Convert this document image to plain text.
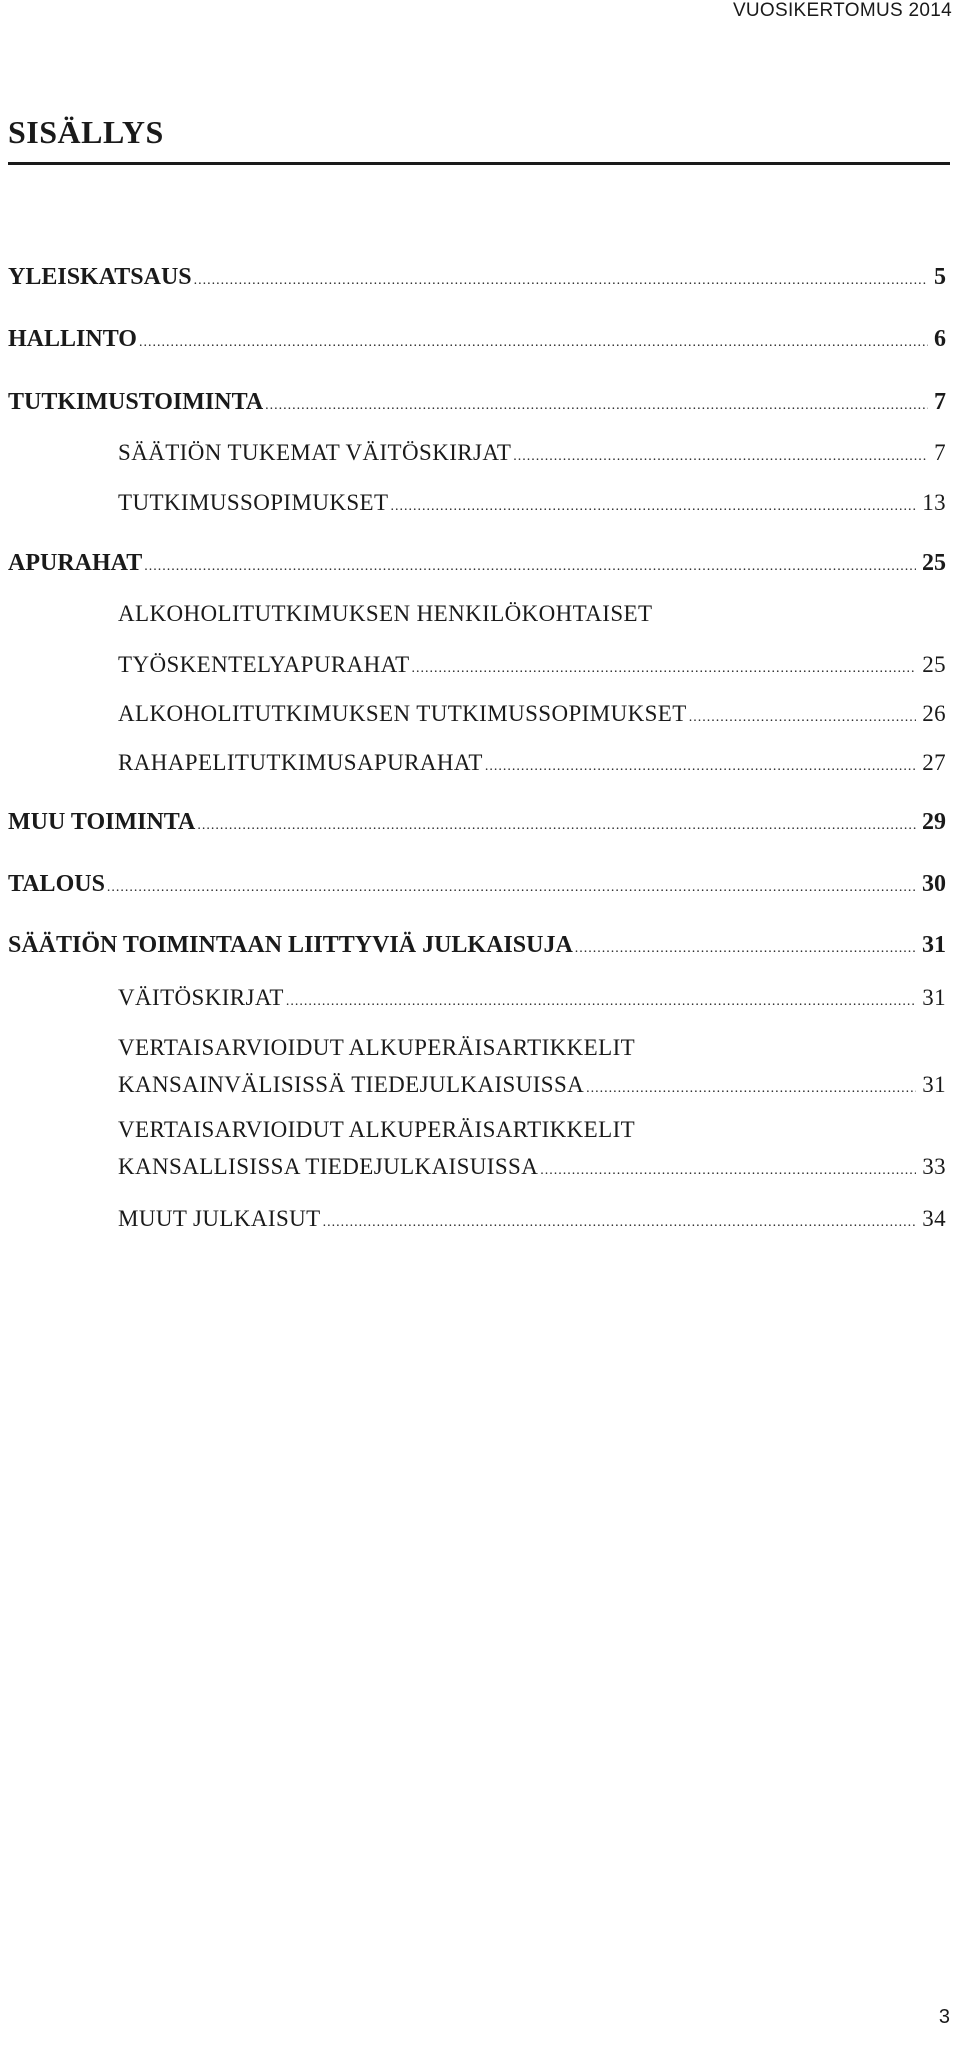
VUOSIKERTOMUS 2014
SISÄLLYS
YLEISKATSAUS .....	5
HALLINTO .....	6
TUTKIMUSTOIMINTA .....	7
SÄÄTIÖN TUKEMAT VÄITÖSKIRJAT .....	7
TUTKIMUSSOPIMUKSET .....	13
APURAHAT .....	25
ALKOHOLITUTKIMUKSEN HENKILÖKOHTAISET
TYÖSKENTELYAPURAHAT .....	25
ALKOHOLITUTKIMUKSEN TUTKIMUSSOPIMUKSET .....	26
RAHAPELITUTKIMUSAPURAHAT .....	27
MUU TOIMINTA .....	29
TALOUS .....	30
SÄÄTIÖN TOIMINTAAN LIITTYVIÄ JULKAISUJA .....	31
VÄITÖSKIRJAT .....	31
VERTAISARVIOIDUT ALKUPERÄISARTIKKELIT
KANSAINVÄLISISSÄ TIEDEJULKAISUISSA .....	31
VERTAISARVIOIDUT ALKUPERÄISARTIKKELIT
KANSALLISISSA TIEDEJULKAISUISSA .....	33
MUUT JULKAISUT .....	34
3
